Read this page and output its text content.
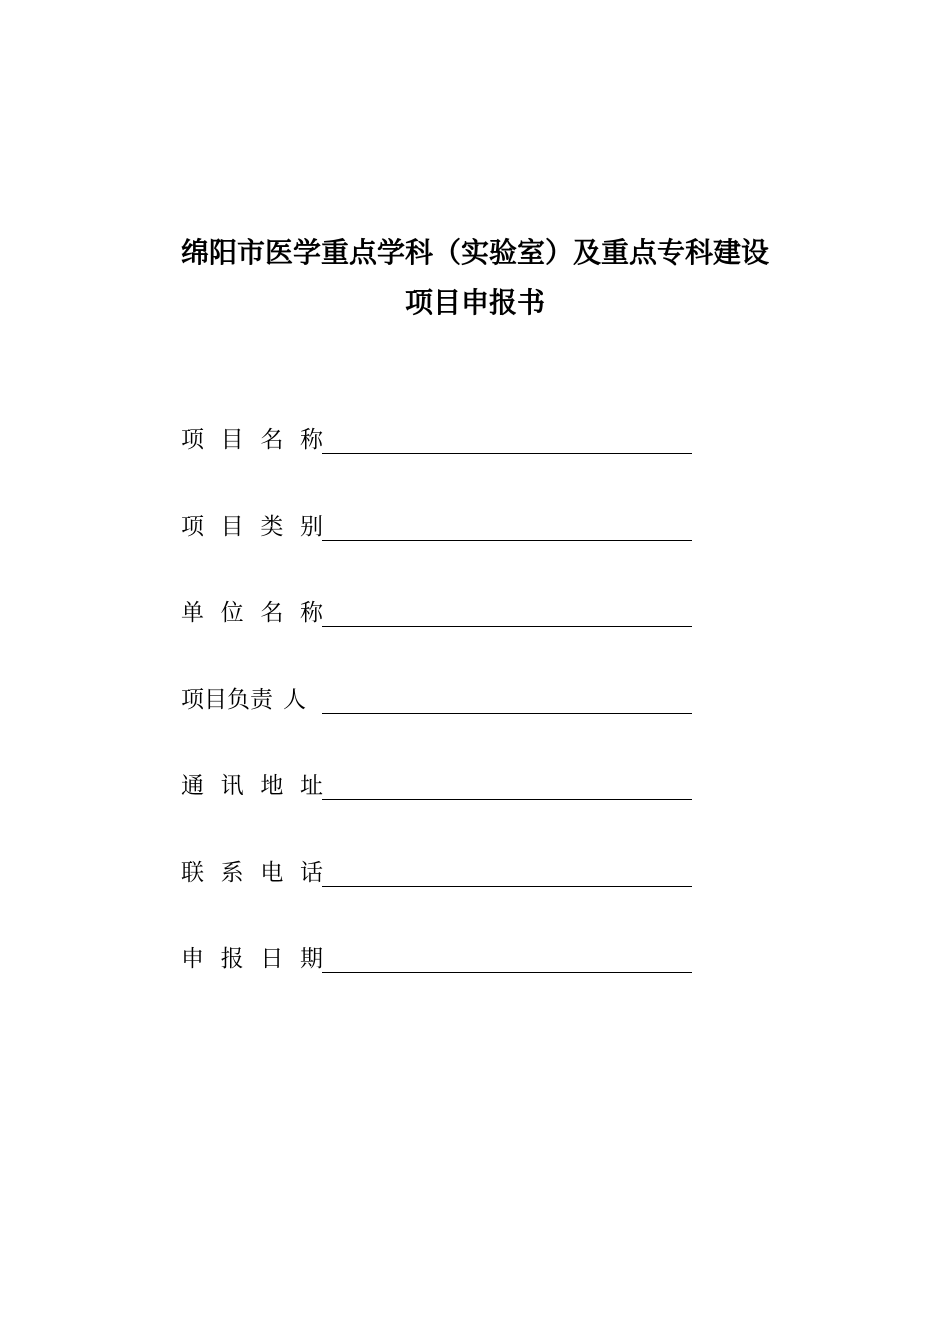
绵阳市医学重点学科（实验室）及重点专科建设
项目申报书
项 目 名 称
项 目 类 别
单 位 名 称
项 目 负 责 人
通 讯 地 址
联 系 电 话
申 报 日 期
